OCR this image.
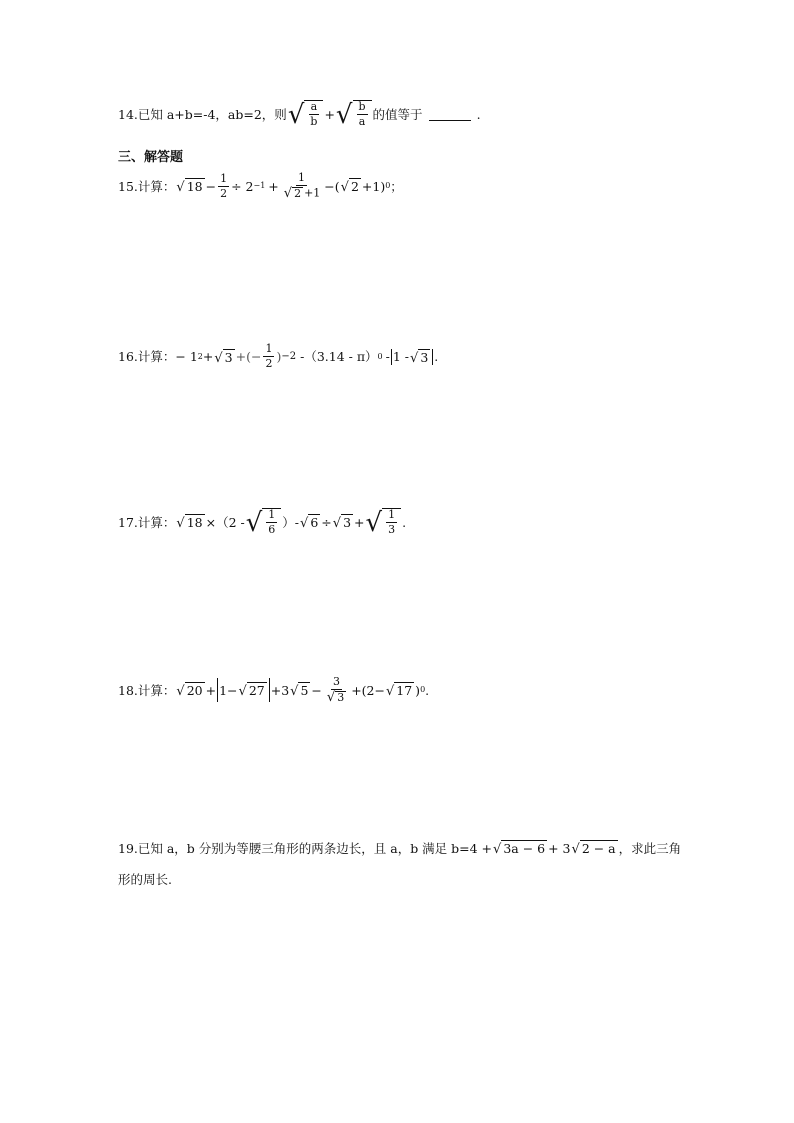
14.已知 a+b=-4，ab=2，则 √ $\frac{a}{b}$ + √ $\frac{b}{a}$ 的值等于	.
三、解答题
15.计算： √ $18 - \frac{1}{2} \div 2 -1 + \frac{1}{√ 2 +1}$ −( √ 2 +1) 0 ；
16.计算： − 1 2 + √ 3 +(− $\frac{1}{2}$ ) −2 -（3.14 - π） 0 - 1 - √ 3 .
17.计算： √ 18 ×（2 - √ $\frac{1}{6}$ ）- √ 6 ÷ √ 3 + √ $\frac{1}{3}$ .
18.计算： √ 20 + 1− √ 27 +3 √ $5 - \frac{3}{√ 3} +(2-$ √ 17 ) 0 .
19.已知 a，b 分别为等腰三角形的两条边长，且 a，b 满足 b=4 + √ 3a − 6 + 3 √ 2 − a ，求此三角
形的周长.
